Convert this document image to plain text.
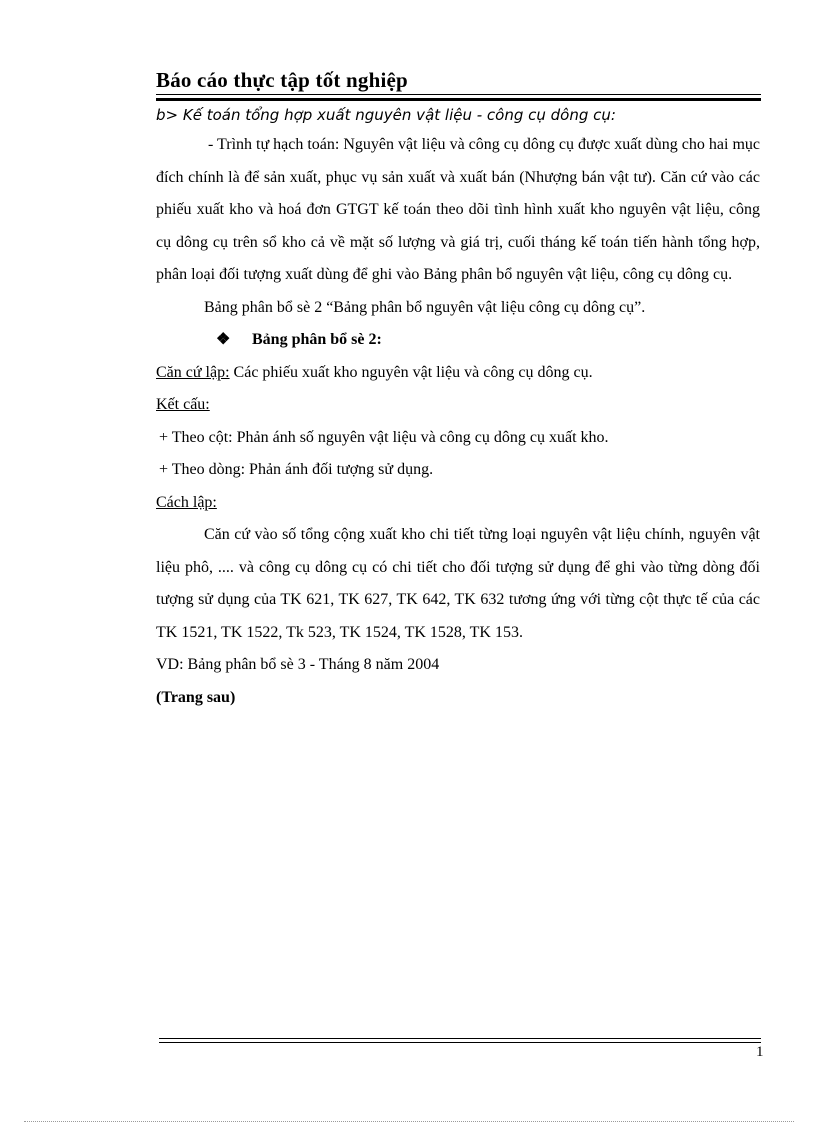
Báo cáo thực tập tốt nghiệp
b> Kế toán tổng hợp xuất nguyên vật liệu - công cụ dông cụ:
- Trình tự hạch toán: Nguyên vật liệu và công cụ dông cụ được xuất dùng cho hai mục đích chính là để sản xuất, phục vụ sản xuất và xuất bán (Nhượng bán vật tư). Căn cứ vào các phiếu xuất kho và hoá đơn GTGT kế toán theo dõi tình hình xuất kho nguyên vật liệu, công cụ dông cụ trên sổ kho cả về mặt số lượng và giá trị, cuối tháng kế toán tiến hành tổng hợp, phân loại đối tượng xuất dùng để ghi vào Bảng phân bổ nguyên vật liệu, công cụ dông cụ.
Bảng phân bổ sè 2 “Bảng phân bổ nguyên vật liệu công cụ dông cụ”.
❖ Bảng phân bổ sè 2:
Căn cứ lập: Các phiếu xuất kho nguyên vật liệu và công cụ dông cụ.
Kết cấu:
+ Theo cột: Phản ánh số nguyên vật liệu và công cụ dông cụ xuất kho.
+ Theo dòng: Phản ánh đối tượng sử dụng.
Cách lập:
Căn cứ vào số tổng cộng xuất kho chi tiết từng loại nguyên vật liệu chính, nguyên vật liệu phô, .... và công cụ dông cụ có chi tiết cho đối tượng sử dụng để ghi vào từng dòng đối tượng sử dụng của TK 621, TK 627, TK 642, TK 632 tương ứng với từng cột thực tế của các TK 1521, TK 1522, Tk 523, TK 1524, TK 1528, TK 153.
VD: Bảng phân bổ sè 3 - Tháng 8 năm 2004
(Trang sau)
1
